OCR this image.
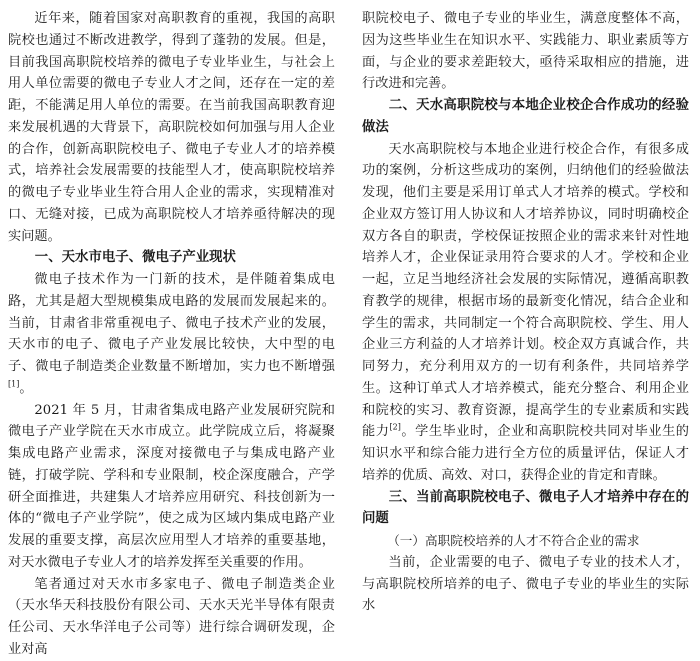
近年来，随着国家对高职教育的重视，我国的高职院校也通过不断改进教学，得到了蓬勃的发展。但是，目前我国高职院校培养的微电子专业毕业生，与社会上用人单位需要的微电子专业人才之间，还存在一定的差距，不能满足用人单位的需要。在当前我国高职教育迎来发展机遇的大背景下，高职院校如何加强与用人企业的合作，创新高职院校电子、微电子专业人才的培养模式，培养社会发展需要的技能型人才，使高职院校培养的微电子专业毕业生符合用人企业的需求，实现精准对口、无缝对接，已成为高职院校人才培养亟待解决的现实问题。

一、天水市电子、微电子产业现状

微电子技术作为一门新的技术，是伴随着集成电路，尤其是超大型规模集成电路的发展而发展起来的。当前，甘肃省非常重视电子、微电子技术产业的发展，天水市的电子、微电子产业发展比较快，大中型的电子、微电子制造类企业数量不断增加，实力也不断增强[1]。

2021 年 5 月，甘肃省集成电路产业发展研究院和微电子产业学院在天水市成立。此学院成立后，将凝聚集成电路产业需求，深度对接微电子与集成电路产业链，打破学院、学科和专业限制，校企深度融合，产学研全面推进，共建集人才培养应用研究、科技创新为一体的“微电子产业学院”，使之成为区域内集成电路产业发展的重要支撑，高层次应用型人才培养的重要基地，对天水微电子专业人才的培养发挥至关重要的作用。

笔者通过对天水市多家电子、微电子制造类企业（天水华天科技股份有限公司、天水天光半导体有限责任公司、天水华洋电子公司等）进行综合调研发现，企业对高

职院校电子、微电子专业的毕业生，满意度整体不高，因为这些毕业生在知识水平、实践能力、职业素质等方面，与企业的要求差距较大，亟待采取相应的措施，进行改进和完善。

二、天水高职院校与本地企业校企合作成功的经验做法

天水高职院校与本地企业进行校企合作，有很多成功的案例，分析这些成功的案例，归纳他们的经验做法发现，他们主要是采用订单式人才培养的模式。学校和企业双方签订用人协议和人才培养协议，同时明确校企双方各自的职责，学校保证按照企业的需求来针对性地培养人才，企业保证录用符合要求的人才。学校和企业一起，立足当地经济社会发展的实际情况，遵循高职教育教学的规律，根据市场的最新变化情况，结合企业和学生的需求，共同制定一个符合高职院校、学生、用人企业三方利益的人才培养计划。校企双方真诚合作，共同努力，充分利用双方的一切有利条件，共同培养学生。这种订单式人才培养模式，能充分整合、利用企业和院校的实习、教育资源，提高学生的专业素质和实践能力[2]。学生毕业时，企业和高职院校共同对毕业生的知识水平和综合能力进行全方位的质量评估，保证人才培养的优质、高效、对口，获得企业的肯定和青睐。

三、当前高职院校电子、微电子人才培养中存在的问题
（一）高职院校培养的人才不符合企业的需求

当前，企业需要的电子、微电子专业的技术人才，与高职院校所培养的电子、微电子专业的毕业生的实际水
